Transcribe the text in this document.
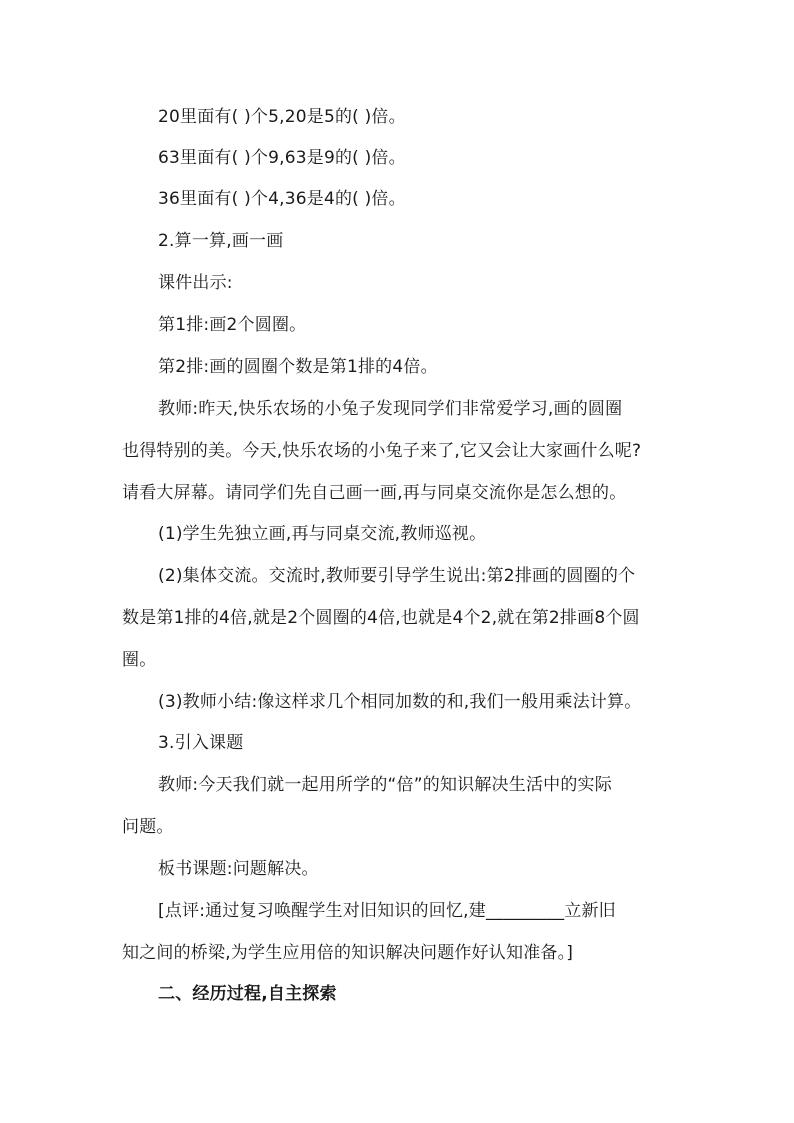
20里面有( )个5,20是5的( )倍。
63里面有( )个9,63是9的( )倍。
36里面有( )个4,36是4的( )倍。
2.算一算,画一画
课件出示:
第1排:画2个圆圈。
第2排:画的圆圈个数是第1排的4倍。
教师:昨天,快乐农场的小兔子发现同学们非常爱学习,画的圆圈
也得特别的美。今天,快乐农场的小兔子来了,它又会让大家画什么呢?
请看大屏幕。请同学们先自己画一画,再与同桌交流你是怎么想的。
(1)学生先独立画,再与同桌交流,教师巡视。
(2)集体交流。交流时,教师要引导学生说出:第2排画的圆圈的个
数是第1排的4倍,就是2个圆圈的4倍,也就是4个2,就在第2排画8个圆
圈。
(3)教师小结:像这样求几个相同加数的和,我们一般用乘法计算。
3.引入课题
教师:今天我们就一起用所学的“倍”的知识解决生活中的实际
问题。
板书课题:问题解决。
[点评:通过复习唤醒学生对旧知识的回忆,建_________立新旧
知之间的桥梁,为学生应用倍的知识解决问题作好认知准备。]
二、经历过程,自主探索
